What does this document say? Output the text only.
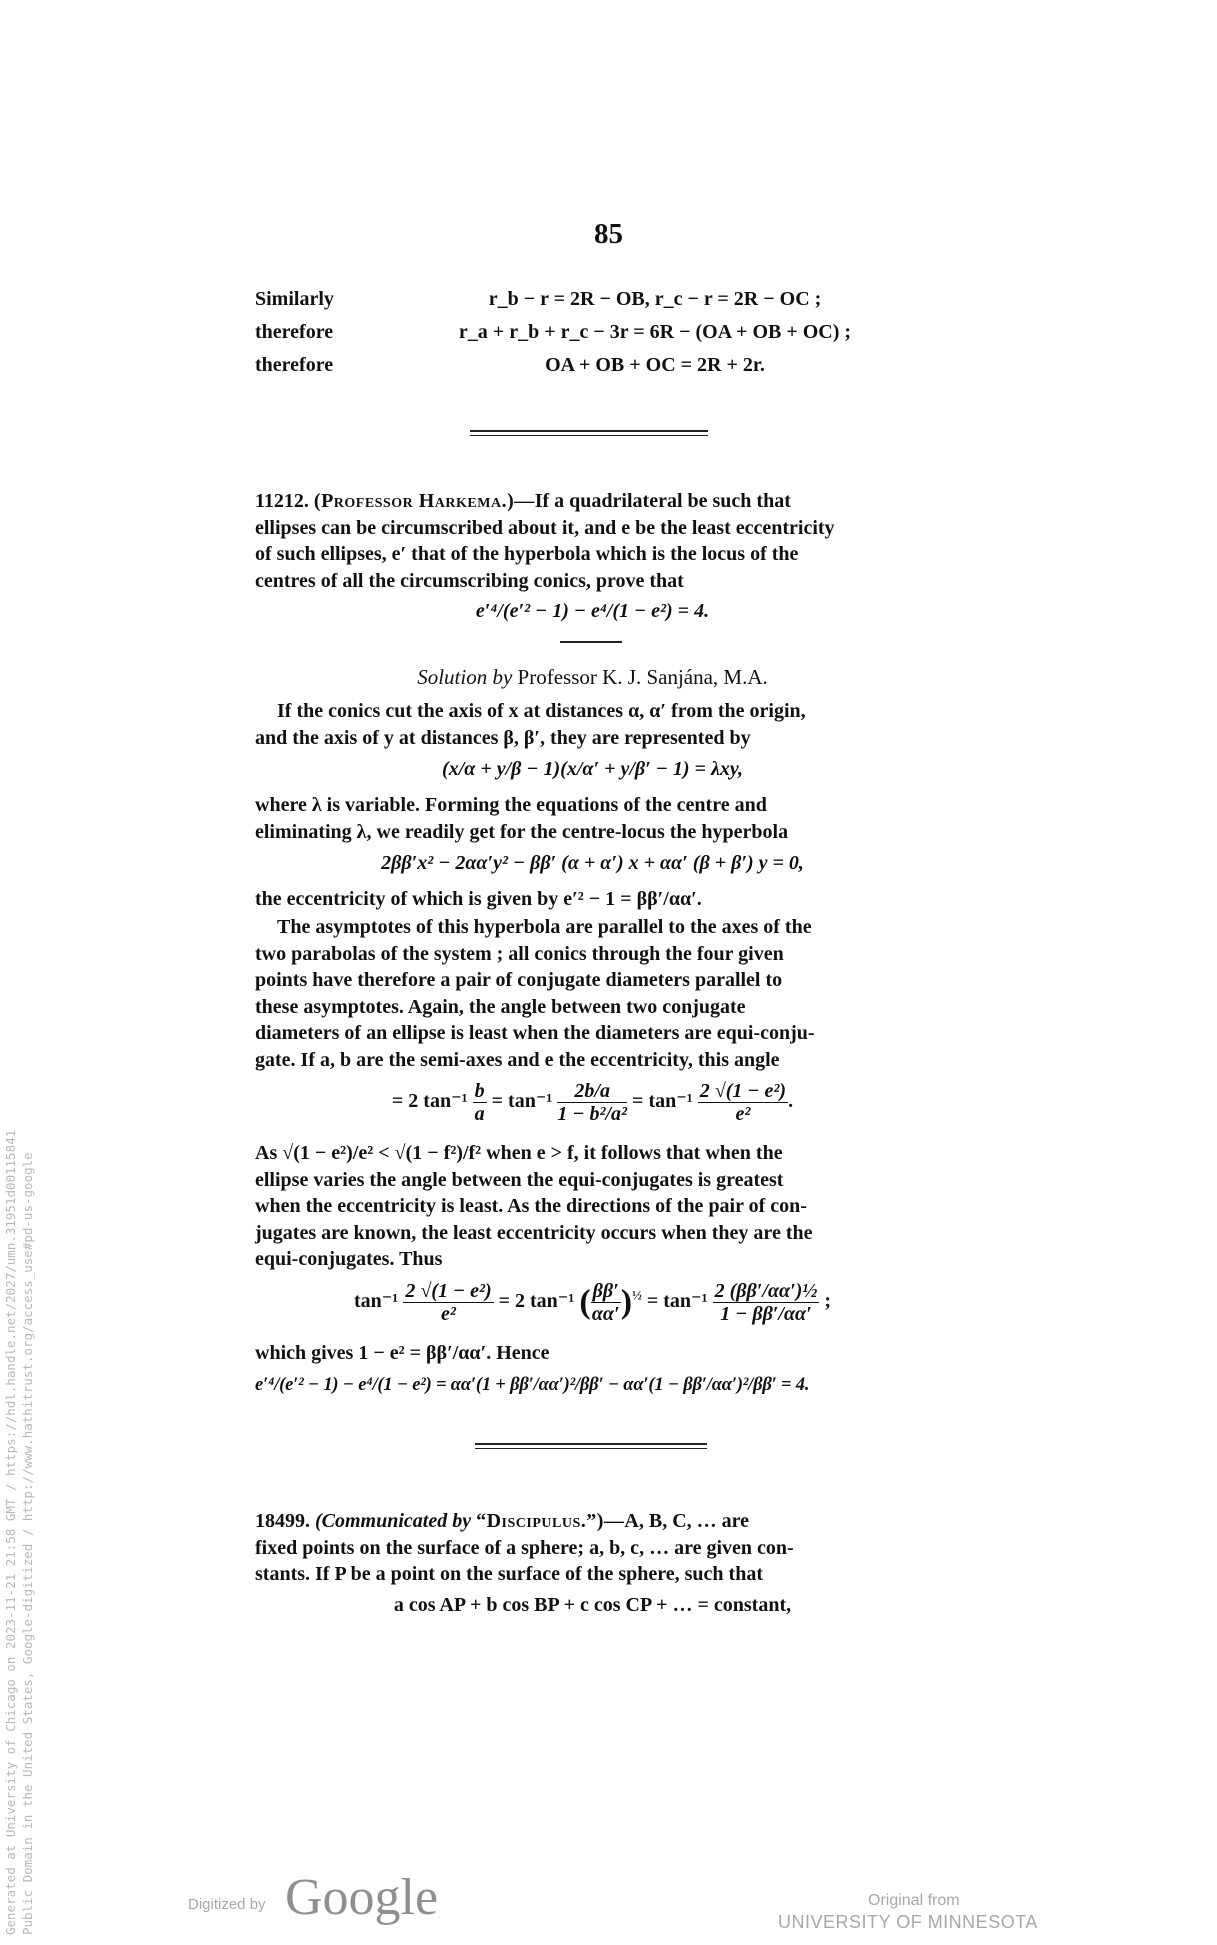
85
Similarly	r_b − r = 2R − OB, r_c − r = 2R − OC ;
therefore	r_a + r_b + r_c − 3r = 6R − (OA + OB + OC) ;
therefore	OA + OB + OC = 2R + 2r.
11212. (Professor Harkema.)—If a quadrilateral be such that
ellipses can be circumscribed about it, and e be the least eccentricity
of such ellipses, e′ that of the hyperbola which is the locus of the
centres of all the circumscribing conics, prove that
e′⁴/(e′² − 1) − e⁴/(1 − e²) = 4.
Solution by Professor K. J. Sanjána, M.A.
If the conics cut the axis of x at distances α, α′ from the origin,
and the axis of y at distances β, β′, they are represented by
(x/α + y/β − 1)(x/α′ + y/β′ − 1) = λxy,
where λ is variable. Forming the equations of the centre and
eliminating λ, we readily get for the centre-locus the hyperbola
2ββ′x² − 2αα′y² − ββ′ (α + α′) x + αα′ (β + β′) y = 0,
the eccentricity of which is given by e′² − 1 = ββ′/αα′.
The asymptotes of this hyperbola are parallel to the axes of the
two parabolas of the system ; all conics through the four given
points have therefore a pair of conjugate diameters parallel to
these asymptotes. Again, the angle between two conjugate
diameters of an ellipse is least when the diameters are equi-conju-
gate. If a, b are the semi-axes and e the eccentricity, this angle
= 2 $\tan^{-1} \frac{b}{a} = \tan^{-1} \frac{2b/a}{\text{1 − b²/a²}} = \tan^{-1} \frac{\text{2 √(1 − e²)}}{\text{e²}}$ .
As √(1 − e²)/e² < √(1 − f²)/f² when e > f, it follows that when the
ellipse varies the angle between the equi-conjugates is greatest
when the eccentricity is least. As the directions of the pair of con-
jugates are known, the least eccentricity occurs when they are the
equi-conjugates. Thus
$\tan^{-1} \frac{\text{2 √(1 − e²)}}{\text{e²}} = 2$ tan⁻¹ ( $\frac{\beta\beta'}{\alpha\alpha'} )^{\frac{1}{2}} = \tan^{-1} \frac{\text{2 (ββ′/αα′)½}}{1 - \beta\beta'/\alpha\alpha'}$ ;
which gives 1 − e² = ββ′/αα′. Hence
e′⁴/(e′² − 1) − e⁴/(1 − e²) = αα′(1 + ββ′/αα′)²/ββ′ − αα′(1 − ββ′/αα′)²/ββ′ = 4.
18499. (Communicated by “Discipulus.”)—A, B, C, … are
fixed points on the surface of a sphere; a, b, c, … are given con-
stants. If P be a point on the surface of the sphere, such that
a cos AP + b cos BP + c cos CP + … = constant,
Generated at University of Chicago on 2023-11-21 21:58 GMT / https://hdl.handle.net/2027/umn.31951d00115841 Public Domain in the United States, Google-digitized / http://www.hathitrust.org/access_use#pd-us-google	Digitized by Google	Original from
UNIVERSITY OF MINNESOTA
